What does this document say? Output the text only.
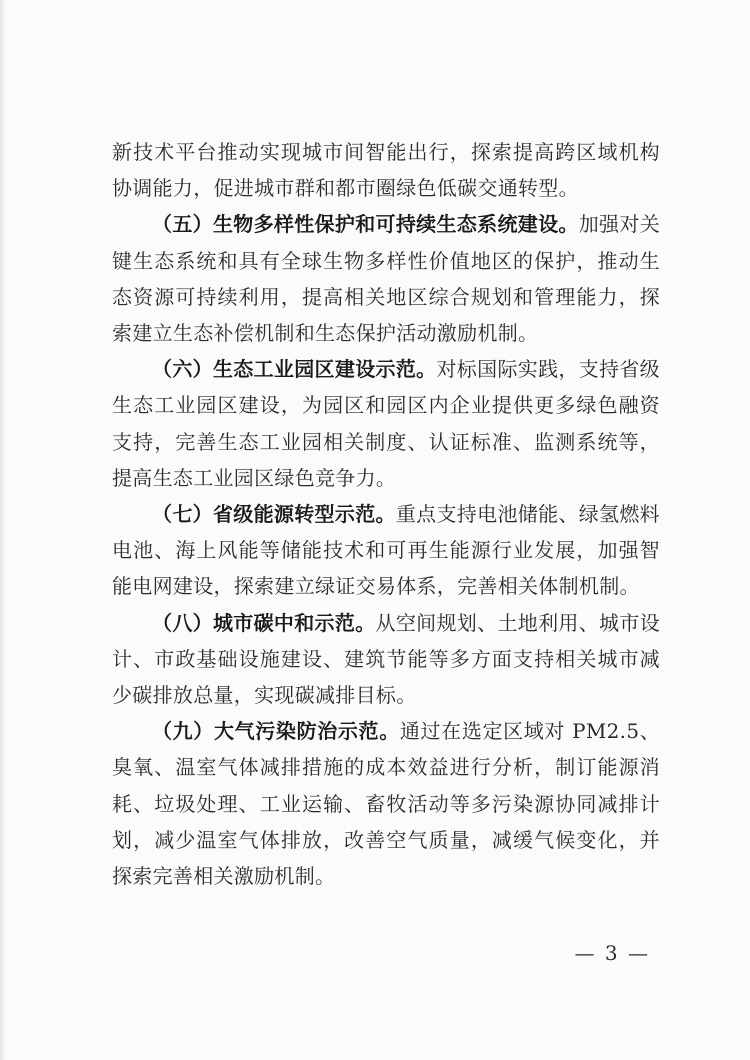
新技术平台推动实现城市间智能出行，探索提高跨区域机构协调能力，促进城市群和都市圈绿色低碳交通转型。

（五）生物多样性保护和可持续生态系统建设。加强对关键生态系统和具有全球生物多样性价值地区的保护，推动生态资源可持续利用，提高相关地区综合规划和管理能力，探索建立生态补偿机制和生态保护活动激励机制。

（六）生态工业园区建设示范。对标国际实践，支持省级生态工业园区建设，为园区和园区内企业提供更多绿色融资支持，完善生态工业园相关制度、认证标准、监测系统等，提高生态工业园区绿色竞争力。

（七）省级能源转型示范。重点支持电池储能、绿氢燃料电池、海上风能等储能技术和可再生能源行业发展，加强智能电网建设，探索建立绿证交易体系，完善相关体制机制。

（八）城市碳中和示范。从空间规划、土地利用、城市设计、市政基础设施建设、建筑节能等多方面支持相关城市减少碳排放总量，实现碳减排目标。

（九）大气污染防治示范。通过在选定区域对 PM2.5、臭氧、温室气体减排措施的成本效益进行分析，制订能源消耗、垃圾处理、工业运输、畜牧活动等多污染源协同减排计划，减少温室气体排放，改善空气质量，减缓气候变化，并探索完善相关激励机制。

— 3 —
